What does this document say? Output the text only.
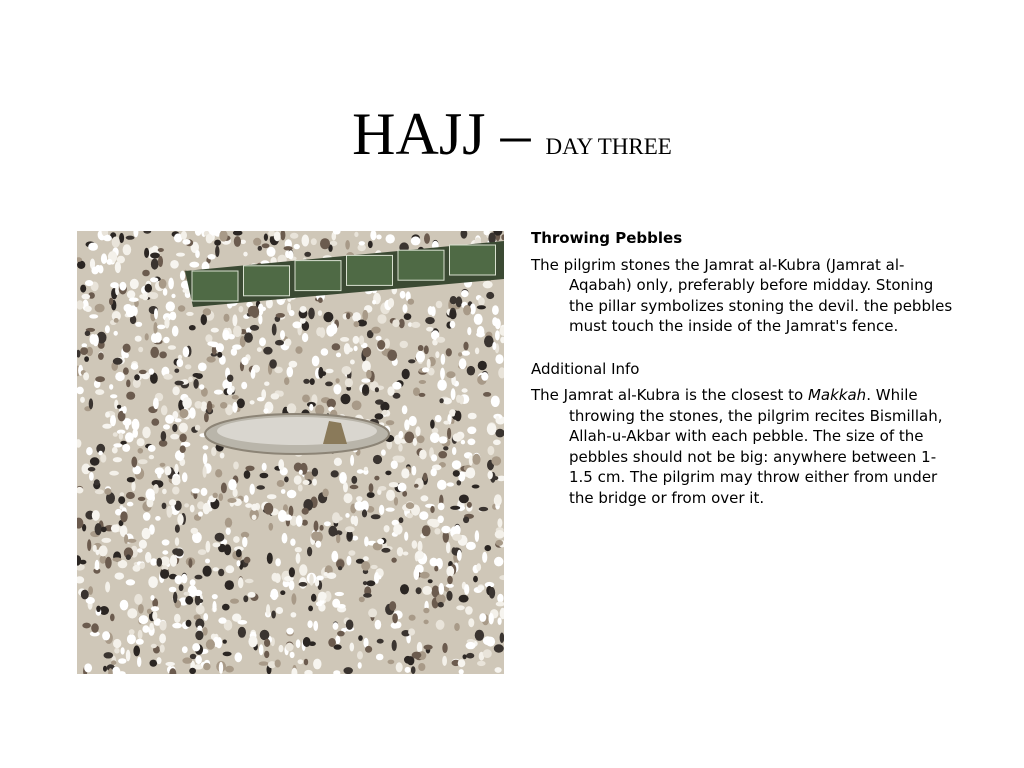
HAJJ – DAY THREE

Throwing Pebbles

The pilgrim stones the Jamrat al-Kubra (Jamrat al-Aqabah) only, preferably before midday. Stoning the pillar symbolizes stoning the devil. the pebbles must touch the inside of the Jamrat's fence.

Additional Info

The Jamrat al-Kubra is the closest to Makkah. While throwing the stones, the pilgrim recites Bismillah, Allah-u-Akbar with each pebble. The size of the pebbles should not be big: anywhere between 1-1.5 cm. The pilgrim may throw either from under the bridge or from over it.
